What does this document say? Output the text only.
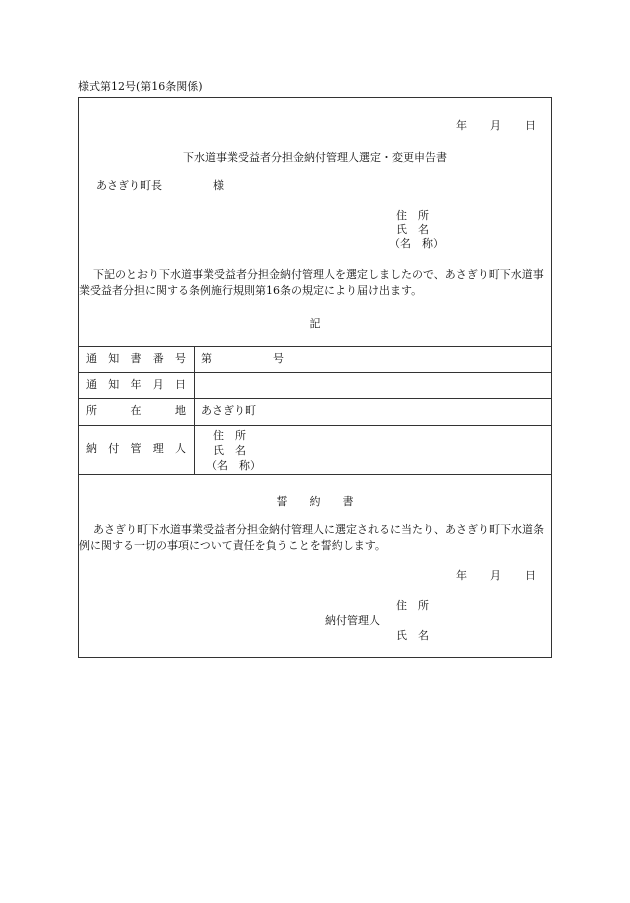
様式第12号(第16条関係)
年 月 日
下水道事業受益者分担金納付管理人選定・変更申告書
あさぎり町長	様
住　所
氏　名
（名　称）
下記のとおり下水道事業受益者分担金納付管理人を選定しましたので、あさぎり町下水道事業受益者分担に関する条例施行規則第16条の規定により届け出ます。
記
通 知 書 番 号 第	号
通 知 年 月 日
所	在	地 あさぎり町
納 付 管 理 人
住　所
氏　名
（名　称）
誓　　約　　書
あさぎり町下水道事業受益者分担金納付管理人に選定されるに当たり、あさぎり町下水道条例に関する一切の事項について責任を負うことを誓約します。
年 月 日
住　所
納付管理人
氏　名
